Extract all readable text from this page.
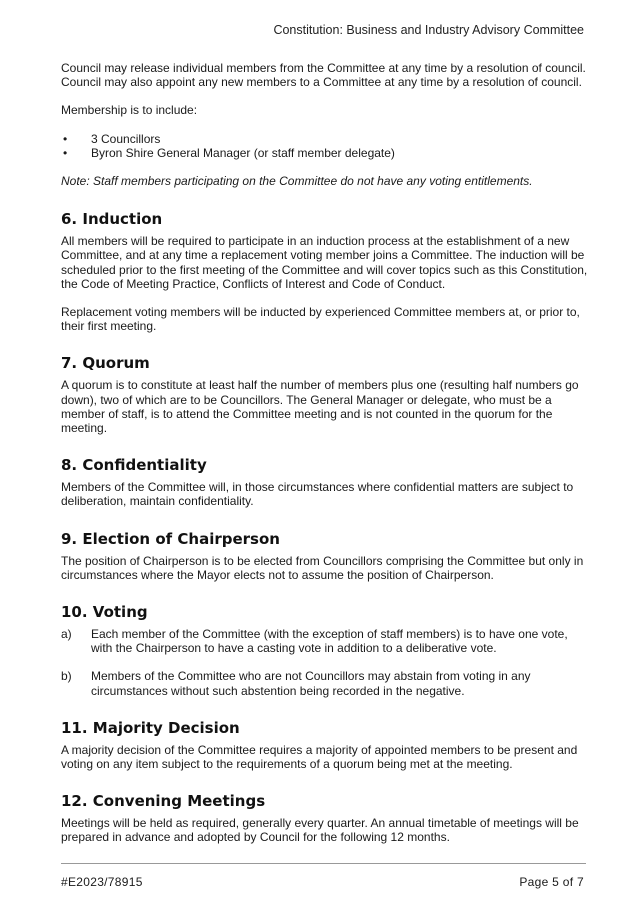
Constitution: Business and Industry Advisory Committee

Council may release individual members from the Committee at any time by a resolution of council. Council may also appoint any new members to a Committee at any time by a resolution of council.

Membership is to include:

• 3 Councillors
• Byron Shire General Manager (or staff member delegate)

Note: Staff members participating on the Committee do not have any voting entitlements.

6. Induction

All members will be required to participate in an induction process at the establishment of a new Committee, and at any time a replacement voting member joins a Committee. The induction will be scheduled prior to the first meeting of the Committee and will cover topics such as this Constitution, the Code of Meeting Practice, Conflicts of Interest and Code of Conduct.

Replacement voting members will be inducted by experienced Committee members at, or prior to, their first meeting.

7. Quorum

A quorum is to constitute at least half the number of members plus one (resulting half numbers go down), two of which are to be Councillors. The General Manager or delegate, who must be a member of staff, is to attend the Committee meeting and is not counted in the quorum for the meeting.

8. Confidentiality

Members of the Committee will, in those circumstances where confidential matters are subject to deliberation, maintain confidentiality.

9. Election of Chairperson

The position of Chairperson is to be elected from Councillors comprising the Committee but only in circumstances where the Mayor elects not to assume the position of Chairperson.

10. Voting
a) Each member of the Committee (with the exception of staff members) is to have one vote, with the Chairperson to have a casting vote in addition to a deliberative vote.
b) Members of the Committee who are not Councillors may abstain from voting in any circumstances without such abstention being recorded in the negative.
11. Majority Decision

A majority decision of the Committee requires a majority of appointed members to be present and voting on any item subject to the requirements of a quorum being met at the meeting.

12. Convening Meetings

Meetings will be held as required, generally every quarter. An annual timetable of meetings will be prepared in advance and adopted by Council for the following 12 months.

#E2023/78915	Page 5 of 7
